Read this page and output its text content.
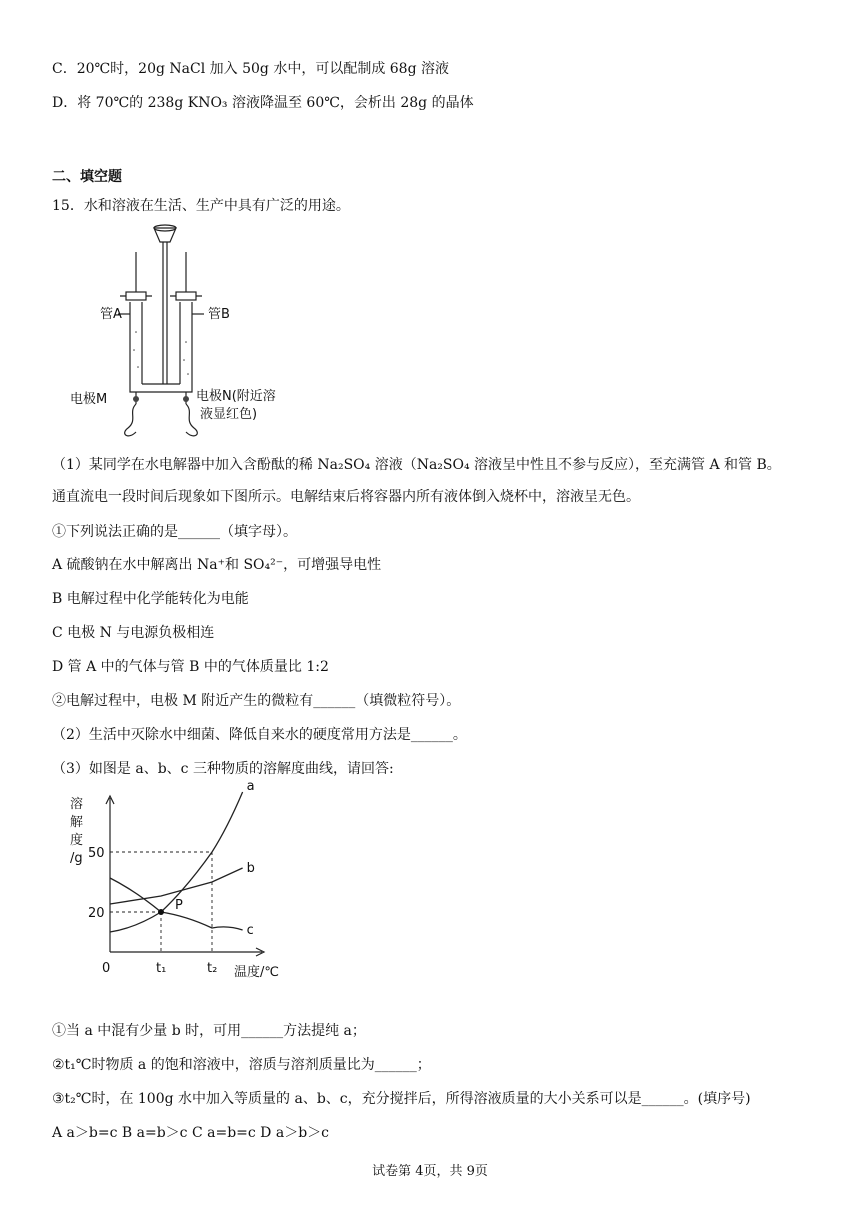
C．20℃时，20g NaCl 加入 50g 水中，可以配制成 68g 溶液
D．将 70℃的 238g KNO₃ 溶液降温至 60℃，会析出 28g 的晶体
二、填空题
15．水和溶液在生活、生产中具有广泛的用途。
管A	管B
电极M	电极N(附近溶
液显红色)
（1）某同学在水电解器中加入含酚酞的稀 Na₂SO₄ 溶液（Na₂SO₄ 溶液呈中性且不参与反应），至充满管 A 和管 B。
通直流电一段时间后现象如下图所示。电解结束后将容器内所有液体倒入烧杯中，溶液呈无色。
①下列说法正确的是______（填字母）。
A 硫酸钠在水中解离出 Na⁺和 SO₄²⁻，可增强导电性
B 电解过程中化学能转化为电能
C 电极 N 与电源负极相连
D 管 A 中的气体与管 B 中的气体质量比 1:2
②电解过程中，电极 M 附近产生的微粒有______（填微粒符号）。
（2）生活中灭除水中细菌、降低自来水的硬度常用方法是______。
（3）如图是 a、b、c 三种物质的溶解度曲线，请回答:
a
b
c
P
20
50
0	t₁	t₂
溶
解
度
/g
温度/℃
①当 a 中混有少量 b 时，可用______方法提纯 a；
②t₁℃时物质 a 的饱和溶液中，溶质与溶剂质量比为______；
③t₂℃时，在 100g 水中加入等质量的 a、b、c，充分搅拌后，所得溶液质量的大小关系可以是______。(填序号)
A a＞b=c B a=b＞c C a=b=c D a＞b＞c
试卷第 4页，共 9页
